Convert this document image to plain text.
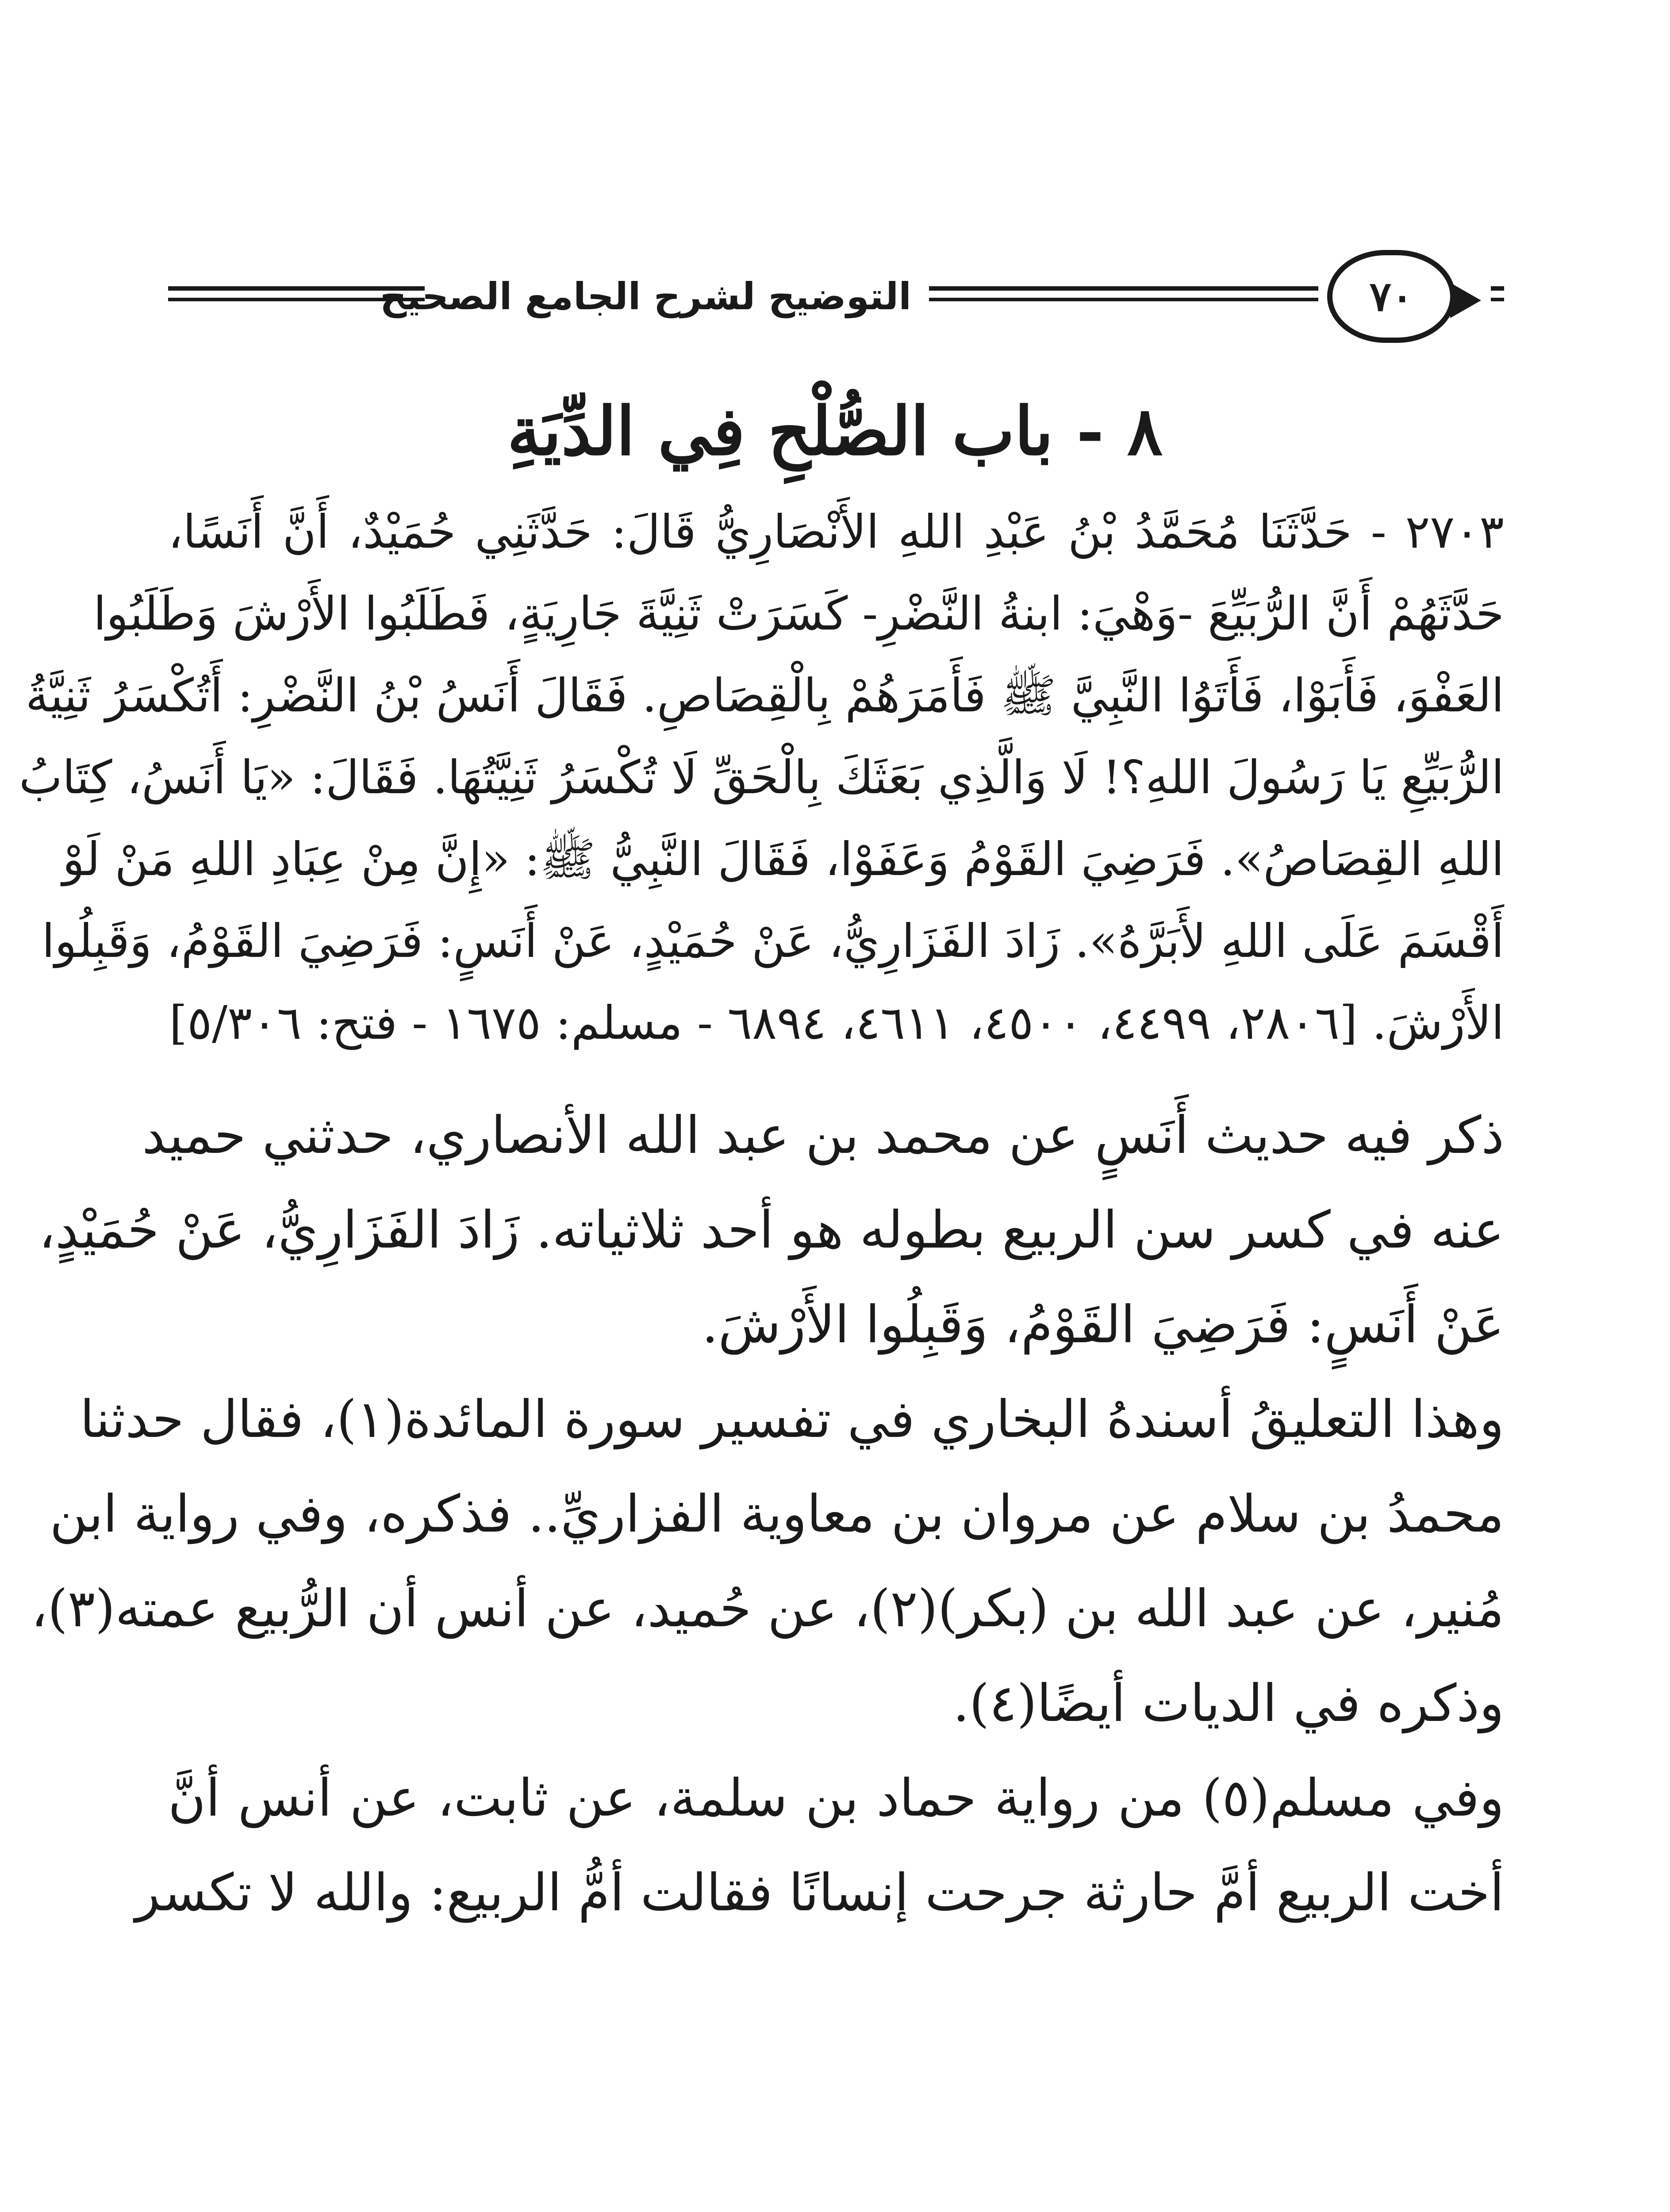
التوضيح لشرح الجامع الصحيح	٧٠
٨ - باب الصُّلْحِ فِي الدِّيَةِ
٢٧٠٣ - حَدَّثَنَا مُحَمَّدُ بْنُ عَبْدِ اللهِ الأَنْصَارِيُّ قَالَ: حَدَّثَنِي حُمَيْدٌ، أَنَّ أَنَسًا،
حَدَّثَهُمْ أَنَّ الرُّبَيِّعَ -وَهْيَ: ابنةُ النَّضْرِ- كَسَرَتْ ثَنِيَّةَ جَارِيَةٍ، فَطَلَبُوا الأَرْشَ وَطَلَبُوا
العَفْوَ، فَأَبَوْا، فَأَتَوُا النَّبِيَّ ﷺ فَأَمَرَهُمْ بِالْقِصَاصِ. فَقَالَ أَنَسُ بْنُ النَّضْرِ: أَتُكْسَرُ ثَنِيَّةُ
الرُّبَيِّعِ يَا رَسُولَ اللهِ؟! لَا وَالَّذِي بَعَثَكَ بِالْحَقِّ لَا تُكْسَرُ ثَنِيَّتُهَا. فَقَالَ: «يَا أَنَسُ، كِتَابُ
اللهِ القِصَاصُ». فَرَضِيَ القَوْمُ وَعَفَوْا، فَقَالَ النَّبِيُّ ﷺ: «إِنَّ مِنْ عِبَادِ اللهِ مَنْ لَوْ
أَقْسَمَ عَلَى اللهِ لأَبَرَّهُ». زَادَ الفَزَارِيُّ، عَنْ حُمَيْدٍ، عَنْ أَنَسٍ: فَرَضِيَ القَوْمُ، وَقَبِلُوا
الأَرْشَ. [٢٨٠٦، ٤٤٩٩، ٤٥٠٠، ٤٦١١، ٦٨٩٤ - مسلم: ١٦٧٥ - فتح: ٥/٣٠٦]
ذكر فيه حديث أَنَسٍ عن محمد بن عبد الله الأنصاري، حدثني حميد
عنه في كسر سن الربيع بطوله هو أحد ثلاثياته. زَادَ الفَزَارِيُّ، عَنْ حُمَيْدٍ،
عَنْ أَنَسٍ: فَرَضِيَ القَوْمُ، وَقَبِلُوا الأَرْشَ.
وهذا التعليقُ أسندهُ البخاري في تفسير سورة المائدة(١)، فقال حدثنا
محمدُ بن سلام عن مروان بن معاوية الفزاريِّ.. فذكره، وفي رواية ابن
مُنير، عن عبد الله بن (بكر)(٢)، عن حُميد، عن أنس أن الرُّبيع عمته(٣)،
وذكره في الديات أيضًا(٤).
وفي مسلم(٥) من رواية حماد بن سلمة، عن ثابت، عن أنس أنَّ
أخت الربيع أمَّ حارثة جرحت إنسانًا فقالت أمُّ الربيع: والله لا تكسر
